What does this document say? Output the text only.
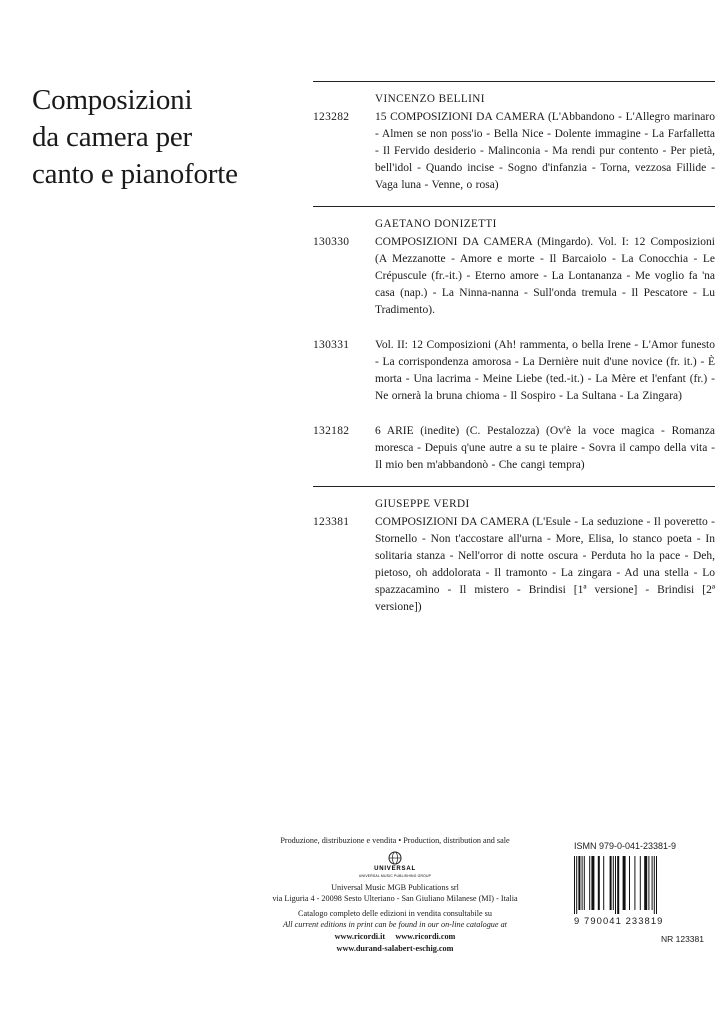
Composizioni
da camera per
canto e pianoforte
VINCENZO BELLINI
123282	15 COMPOSIZIONI DA CAMERA (L'Abbandono - L'Allegro marinaro - Almen se non poss'io - Bella Nice - Dolente immagine - La Farfalletta - Il Fervido desiderio - Malinconia - Ma rendi pur contento - Per pietà, bell'idol - Quando incise - Sogno d'infanzia - Torna, vezzosa Fillide - Vaga luna - Venne, o rosa)
GAETANO DONIZETTI
130330	COMPOSIZIONI DA CAMERA (Mingardo). Vol. I: 12 Composizioni (A Mezzanotte - Amore e morte - Il Barcaiolo - La Conocchia - Le Crépuscule (fr.-it.) - Eterno amore - La Lontananza - Me voglio fa 'na casa (nap.) - La Ninna-nanna - Sull'onda tremula - Il Pescatore - Lu Tradimento).
130331	Vol. II: 12 Composizioni (Ah! rammenta, o bella Irene - L'Amor funesto - La corrispondenza amorosa - La Dernière nuit d'une novice (fr. it.) - È morta - Una lacrima - Meine Liebe (ted.-it.) - La Mère et l'enfant (fr.) - Ne ornerà la bruna chioma - Il Sospiro - La Sultana - La Zingara)
132182	6 ARIE (inedite) (C. Pestalozza) (Ov'è la voce magica - Romanza moresca - Depuis q'une autre a su te plaire - Sovra il campo della vita - Il mio ben m'abbandonò - Che cangi tempra)
GIUSEPPE VERDI
123381	COMPOSIZIONI DA CAMERA (L'Esule - La seduzione - Il poveretto - Stornello - Non t'accostare all'urna - More, Elisa, lo stanco poeta - In solitaria stanza - Nell'orror di notte oscura - Perduta ho la pace - Deh, pietoso, oh addolorata - Il tramonto - La zingara - Ad una stella - Lo spazzacamino - Il mistero - Brindisi [1ª versione] - Brindisi [2ª versione])
Produzione, distribuzione e vendita • Production, distribution and sale
UNIVERSAL
UNIVERSAL MUSIC PUBLISHING GROUP
Universal Music MGB Publications srl
via Liguria 4 - 20098 Sesto Ulteriano - San Giuliano Milanese (MI) - Italia
Catalogo completo delle edizioni in vendita consultabile su
All current editions in print can be found in our on-line catalogue at
www.ricordi.it     www.ricordi.com
www.durand-salabert-eschig.com
ISMN 979-0-041-23381-9
9 790041 233819
NR 123381
